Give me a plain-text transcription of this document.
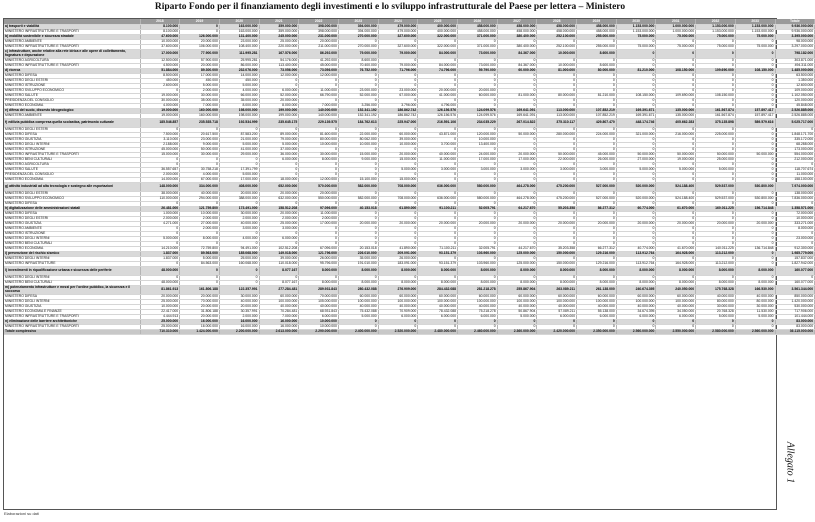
Riparto Fondo per il finanziamento degli investimenti e lo sviluppo infrastrutturale del Paese per lettera – Ministero
	2018	2019	2020	2021	2022	2023	2024	2025	2026	2027	2028	2029	2030	2031	2032	2033	Totale
a) trasporti e viabilità	8.100.000	0	163.000.000	359.000.000	398.000.000	394.000.000	479.000.000	400.000.000	458.000.000	458.000.000	458.000.000	458.000.000	1.153.000.000	1.000.000.000	1.153.000.000	1.153.000.000	9.936.000.000
MINISTERO INFRASTRUTTURE E TRASPORTI	8.100.000	0	163.000.000	359.000.000	398.000.000	394.000.000	479.000.000	400.000.000	458.000.000	458.000.000	458.000.000	458.000.000	1.153.000.000	1.000.000.000	1.153.000.000	1.153.000.000	9.936.000.000
b) mobilità sostenibile e sicurezza stradale	47.600.000	126.000.000	131.400.000	245.000.000	231.000.000	270.000.000	327.600.000	322.000.000	371.000.000	380.400.000	252.100.000	255.000.000	75.000.000	75.000.000	75.000.000	75.000.000	3.395.000.000
MINISTERO AMBIENTE	10.000.000	20.000.000	23.000.000	25.000.000	20.000.000	0	0	0	0	0	0	0	0	0	0	0	98.000.000
MINISTERO INFRASTRUTTURE E TRASPORTI	37.600.000	106.000.000	108.400.000	220.000.000	211.000.000	270.000.000	327.600.000	322.000.000	371.000.000	380.400.000	252.100.000	255.000.000	75.000.000	75.000.000	75.000.000	75.000.000	3.297.000.000
c) infrastrutture, anche relative alla rete idrica e alle opere di collettamento, fognatura e depurazione	17.000.000	77.900.000	111.995.281	167.576.000	86.292.000	79.000.000	79.000.000	84.000.000	73.000.000	84.367.000	10.000.000	8.600.000	0	0	0	0	798.182.000
MINISTERO AGRICOLTURA	12.500.000	57.900.000	25.995.281	54.176.000	41.292.000	8.600.000	0	0	0	0	0	0	0	0	0	0	303.871.000
MINISTERO INFRASTRUTTURE E TRASPORTI	4.500.000	20.000.000	86.000.000	113.400.000	45.000.000	70.400.000	79.000.000	84.000.000	73.000.000	84.367.000	10.000.000	8.600.000	0	0	0	0	494.311.000
d) ricerca	51.884.000	89.300.000	232.076.000	73.056.000	73.056.000	76.752.000	71.796.000	74.796.000	59.790.000	60.000.000	81.000.000	80.000.000	81.210.000	108.150.000	109.690.000	108.150.000	1.485.000.000
MINISTERO DIFESA	8.500.000	17.000.000	14.000.000	12.000.000	12.000.000	0	0	0	0	0	0	0	0	0	0	0	63.500.000
MINISTERO DEGLI ESTERI	450.000	450.000	450.000	0	0	0	0	0	0	0	0	0	0	0	0	0	1.350.000
MINISTERO ISTRUZIONE	2.600.000	5.000.000	5.000.000	0	0	0	0	0	0	0	0	0	0	0	0	0	12.600.000
MINISTERO SVILUPPO ECONOMICO	0	2.000.000	4.000.000	6.000.000	11.000.000	23.000.000	23.000.000	20.000.000	20.000.000	0	0	0	0	0	0	0	109.000.000
MINISTERO SALUTE	19.000.000	30.000.000	66.000.000	52.000.000	66.790.000	52.000.000	67.000.000	41.000.000	60.000.000	81.000.000	80.000.000	81.210.000	108.150.000	109.690.000	108.150.000	0	1.102.050.000
PRESIDENZA DEL CONSIGLIO	30.000.000	35.000.000	35.000.000	20.000.000	0	0	0	0	0	0	0	0	0	0	0	0	120.000.000
MINISTERO ECONOMIA	4.000.000	7.000.000	8.000.000	8.000.000	7.000.000	3.256.000	3.796.000	4.796.000	0	0	0	0	0	0	0	0	45.848.000
e) difesa del suolo, dissesto idrogeologico	19.000.000	160.000.000	198.000.000	199.000.000	140.000.000	152.341.192	186.862.742	126.156.576	124.099.576	169.641.091	113.000.000	107.852.219	169.391.671	135.000.000	161.567.874	157.897.417	2.526.885.000
MINISTERO AMBIENTE	19.000.000	160.000.000	198.000.000	199.000.000	140.000.000	152.341.192	186.862.742	126.156.576	124.099.576	169.641.091	113.000.000	107.852.219	169.391.671	135.000.000	161.567.874	157.897.417	2.526.885.000
f) edilizia pubblica compresa quella scolastica, patrimonio culturale	185.546.857	235.535.718	192.534.999	235.645.175	229.139.575	184.762.613	225.947.000	216.591.106	234.035.229	267.014.822	375.310.117	429.807.470	448.174.746	405.662.283	375.135.898	589.579.616	5.025.717.000
MINISTERO DEGLI ESTERI	0	0	0	0	0	0	0	0	0	0	0	0	0	0	0	0	0
MINISTERO DIFESA	7.500.000	20.617.500	87.583.200	89.000.000	81.600.000	22.000.000	60.000.000	43.871.000	120.000.000	50.000.000	280.000.000	224.000.000	321.000.000	216.000.000	225.000.000	0	1.848.171.700
MINISTERO GIUSTIZIA	3.110.000	23.000.000	21.000.000	79.000.000	80.000.000	80.062.000	39.000.000	0	10.000.000	0	0	0	0	0	0	0	335.172.000
MINISTERO DEGLI INTERNI	2.188.000	9.000.000	5.000.000	5.000.000	10.000.000	10.000.000	10.000.000	3.700.000	13.400.000	0	0	0	0	0	0	0	68.288.000
MINISTERO ISTRUZIONE	45.000.000	50.000.000	41.000.000	37.000.000	0	0	0	0	0	0	0	0	0	0	0	0	173.000.000
MINISTERO INFRASTRUTTURE E TRASPORTI	15.000.000	30.000.000	29.000.000	36.000.000	30.000.000	15.000.000	20.000.000	40.000.000	24.000.000	20.000.000	50.000.000	45.000.000	50.000.000	50.000.000	50.000.000	50.000.000	554.000.000
MINISTERO BENI CULTURALI	0	0	0	6.000.000	8.000.000	9.000.000	15.000.000	11.000.000	17.000.000	17.000.000	22.000.000	26.000.000	27.000.000	19.000.000	25.000.000	0	212.000.000
MINISTERO AGRICOLTURA	0	0	0	0	0	0	0	0	0	0	0	0	0	0	0	0	0
MINISTERO SALUTE	36.557.657	30.758.218	17.391.799	0	0	0	5.000.000	3.000.000	3.000.000	3.000.000	3.000.000	3.000.000	5.000.000	5.000.000	5.000.000	0	118.707.674
PRESIDENZA DEL CONSIGLIO	2.000.000	4.000.000	5.000.000	0	0	0	0	0	0	0	0	0	0	0	0	0	11.000.000
MINISTERO ECONOMIA	14.000.000	67.000.000	17.000.000	18.000.000	12.000.000	15.100.000	15.000.000	0	0	0	0	0	0	0	0	0	158.100.000
g) attività industriali ad alta tecnologia e sostegno alle esportazioni	148.000.000	334.000.000	408.000.000	652.000.000	570.000.000	582.000.000	708.000.000	636.000.000	580.000.000	464.278.000	475.200.000	527.000.000	520.000.000	524.188.400	529.537.000	530.800.000	7.974.000.000
MINISTERO DEGLI ESTERI	38.000.000	40.000.000	20.000.000	20.000.000	20.000.000	0	0	0	0	0	0	0	0	0	0	0	138.000.000
MINISTERO SVILUPPO ECONOMICO	110.000.000	294.000.000	388.000.000	632.000.000	550.000.000	582.000.000	708.000.000	636.000.000	580.000.000	464.278.000	475.200.000	527.000.000	520.000.000	524.188.400	529.537.000	530.800.000	7.836.000.000
MINISTERO DIFESA	0	0	0	0	0	0	0	0	0	0	0	0	0	0	0	0	0
h) digitalizzazione delle amministrazioni statali	26.481.000	121.759.800	173.491.000	158.512.208	97.096.000	40.153.018	61.890.000	91.100.211	52.005.791	64.217.670	55.203.358	86.277.312	60.774.000	61.670.000	160.011.225	156.714.848	1.358.571.000
MINISTERO DIFESA	1.000.000	10.000.000	30.000.000	20.000.000	11.000.000	0	0	0	0	0	0	0	0	0	0	0	72.000.000
MINISTERO DEGLI ESTERI	2.000.000	2.000.000	2.000.000	2.000.000	2.000.000	0	0	0	0	0	0	0	0	0	0	0	10.000.000
MINISTERO GIUSTIZIA	4.271.000	27.000.000	40.000.000	25.000.000	17.000.000	20.000.000	20.000.000	20.000.000	20.000.000	20.000.000	20.000.000	20.000.000	20.000.000	20.000.000	20.000.000	20.000.000	333.271.000
MINISTERO AMBIENTE	0	2.000.000	3.000.000	3.000.000	0	0	0	0	0	0	0	0	0	0	0	0	8.000.000
MINISTERO ISTRUZIONE	0	0	0	0	0	0	0	0	0	0	0	0	0	0	0	0	0
MINISTERO DEGLI INTERNI	5.000.000	8.000.000	4.000.000	6.000.000	0	0	0	0	0	0	0	0	0	0	0	0	23.000.000
MINISTERO BENI CULTURALI	0	0	0	0	0	0	0	0	0	0	0	0	0	0	0	0	0
MINISTERO ECONOMIA	14.210.000	72.759.800	94.491.000	102.512.208	67.096.000	20.153.018	41.890.000	71.100.211	32.005.791	44.217.670	35.203.358	66.277.312	40.774.000	41.670.000	140.011.225	136.714.848	912.300.000
i) prevenzione del rischio sismico	1.837.000	89.563.000	185.068.000	149.018.000	121.796.000	226.010.000	209.091.000	93.151.379	103.960.000	125.000.000	150.000.000	129.216.000	113.912.764	164.928.000	113.212.000	0	1.985.779.000
MINISTERO DEGLI INTERNI	1.837.000	5.000.000	25.000.000	39.000.000	26.000.000	35.000.000	26.000.000	0	0	0	0	0	0	0	0	0	157.837.000
MINISTERO INFRASTRUTTURE	0	84.563.000	160.068.000	110.018.000	95.796.000	191.010.000	183.091.000	93.151.379	103.960.000	125.000.000	150.000.000	129.216.000	113.912.764	164.928.000	113.212.000	0	1.827.942.000
l) investimenti in riqualificazione urbana e sicurezza delle periferie	48.000.000	0	0	8.077.167	8.000.000	8.000.000	8.000.000	8.000.000	8.000.000	8.000.000	8.000.000	8.000.000	8.000.000	8.000.000	8.000.000	8.000.000	160.077.000
MINISTERO DEGLI INTERNI	0	0	0	0	0	0	0	0	0	0	0	0	0	0	0	0	0
MINISTERO BENI CULTURALI	48.000.000	0	0	8.077.167	8.000.000	8.000.000	8.000.000	8.000.000	8.000.000	8.000.000	8.000.000	8.000.000	8.000.000	8.000.000	8.000.000	8.000.000	160.077.000
m) potenziamento infrastrutture e mezzi per l'ordine pubblico, la sicurezza e il soccorso	81.861.913	161.806.188	122.357.991	277.284.481	289.931.843	280.432.088	276.909.000	284.432.088	281.218.278	255.867.904	263.089.211	261.138.000	240.674.395	240.050.000	175.768.328	166.530.000	3.561.344.000
MINISTERO DIFESA	20.000.000	20.000.000	30.000.000	60.000.000	70.000.000	60.000.000	60.000.000	60.000.000	60.000.000	60.000.000	60.000.000	60.000.000	60.000.000	60.000.000	40.000.000	40.000.000	850.000.000
MINISTERO DEGLI INTERNI	25.000.000	70.000.000	40.000.000	100.000.000	105.000.000	100.000.000	100.000.000	100.000.000	100.000.000	100.000.000	100.000.000	100.000.000	100.000.000	100.000.000	80.000.000	80.000.000	1.420.000.000
MINISTERO GIUSTIZIA	10.000.000	20.000.000	20.000.000	40.000.000	40.000.000	40.000.000	40.000.000	40.000.000	40.000.000	40.000.000	40.000.000	40.000.000	40.000.000	40.000.000	30.000.000	30.000.000	530.000.000
MINISTERO ECONOMIA E FINANZE	22.417.000	31.806.188	30.357.991	70.284.481	68.931.843	75.432.088	70.909.000	78.432.088	75.218.278	50.867.904	57.089.211	55.138.000	34.674.395	34.050.000	20.768.328	11.530.000	717.906.000
MINISTERO INFRASTRUTTURE E TRASPORTI	4.444.913	20.000.000	2.000.000	7.000.000	6.000.000	5.000.000	6.000.000	6.000.000	6.000.000	5.000.000	6.000.000	6.000.000	6.000.000	6.000.000	5.000.000	5.000.000	101.444.000
n) eliminazione delle barriere architettoniche	25.000.000	16.000.000	16.000.000	16.000.000	10.000.000	0	0	0	0	0	0	0	0	0	0	0	83.000.000
MINISTERO INFRASTRUTTURE E TRASPORTI	25.000.000	16.000.000	16.000.000	16.000.000	10.000.000	0	0	0	0	0	0	0	0	0	0	0	83.000.000
Totale complessivo	710.310.000	1.424.000.000	2.200.000.000	2.613.000.000	2.290.000.000	2.400.000.000	2.520.000.000	2.480.000.000	2.460.000.000	2.360.000.000	2.420.000.000	2.350.000.000	2.560.000.000	2.550.000.000	2.580.000.000	2.560.000.000	36.115.000.000
Elaborazioni su dati
Allegato 1
